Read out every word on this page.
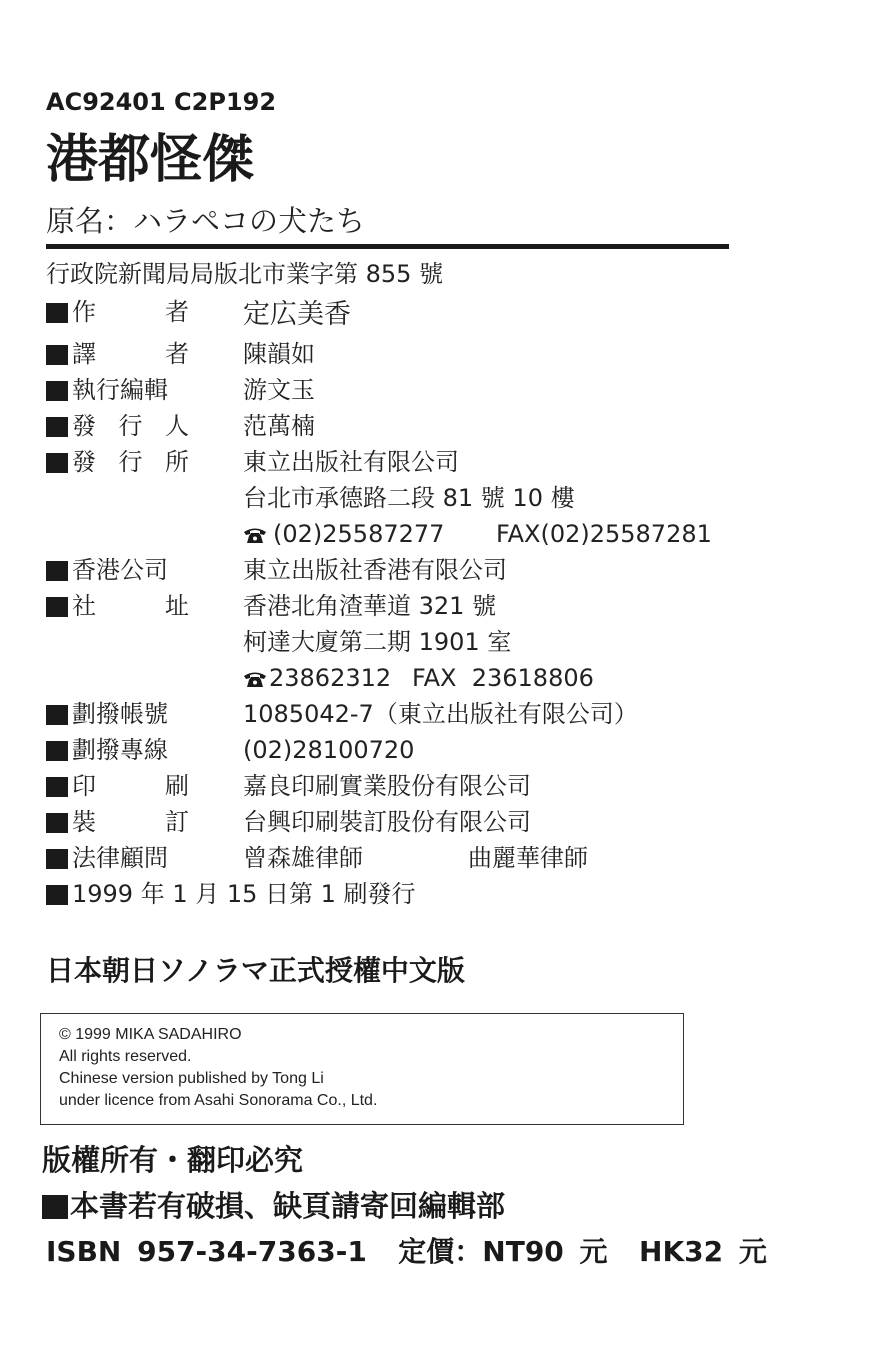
AC92401 C2P192
港都怪傑
原名：ハラペコの犬たち
行政院新聞局局版北市業字第 855 號
作	者 定広美香
譯	者 陳韻如
執 行 編 輯	游文玉
發 行 人 范萬楠
發 行 所 東立出版社有限公司
台北市承德路二段 81 號 10 樓
(02)25587277 FAX(02)25587281
香港公司	東立出版社香港有限公司
社	址 香港北角渣華道 321 號
柯達大廈第二期 1901 室
23862312 FAX  23618806
劃撥帳號	1085042-7（東立出版社有限公司）
劃撥專線	(02)28100720
印	刷 嘉良印刷實業股份有限公司
裝	訂 台興印刷裝訂股份有限公司
法律顧問	曾森雄律師	曲麗華律師
1999 年 1 月 15 日第 1 刷發行
日本朝日ソノラマ正式授權中文版
© 1999 MIKA SADAHIRO
All rights reserved.
Chinese version published by Tong Li
under licence from Asahi Sonorama Co., Ltd.
版權所有・翻印必究
本書若有破損、缺頁請寄回編輯部
ISBN 957-34-7363-1  定價：NT90 元  HK32 元
